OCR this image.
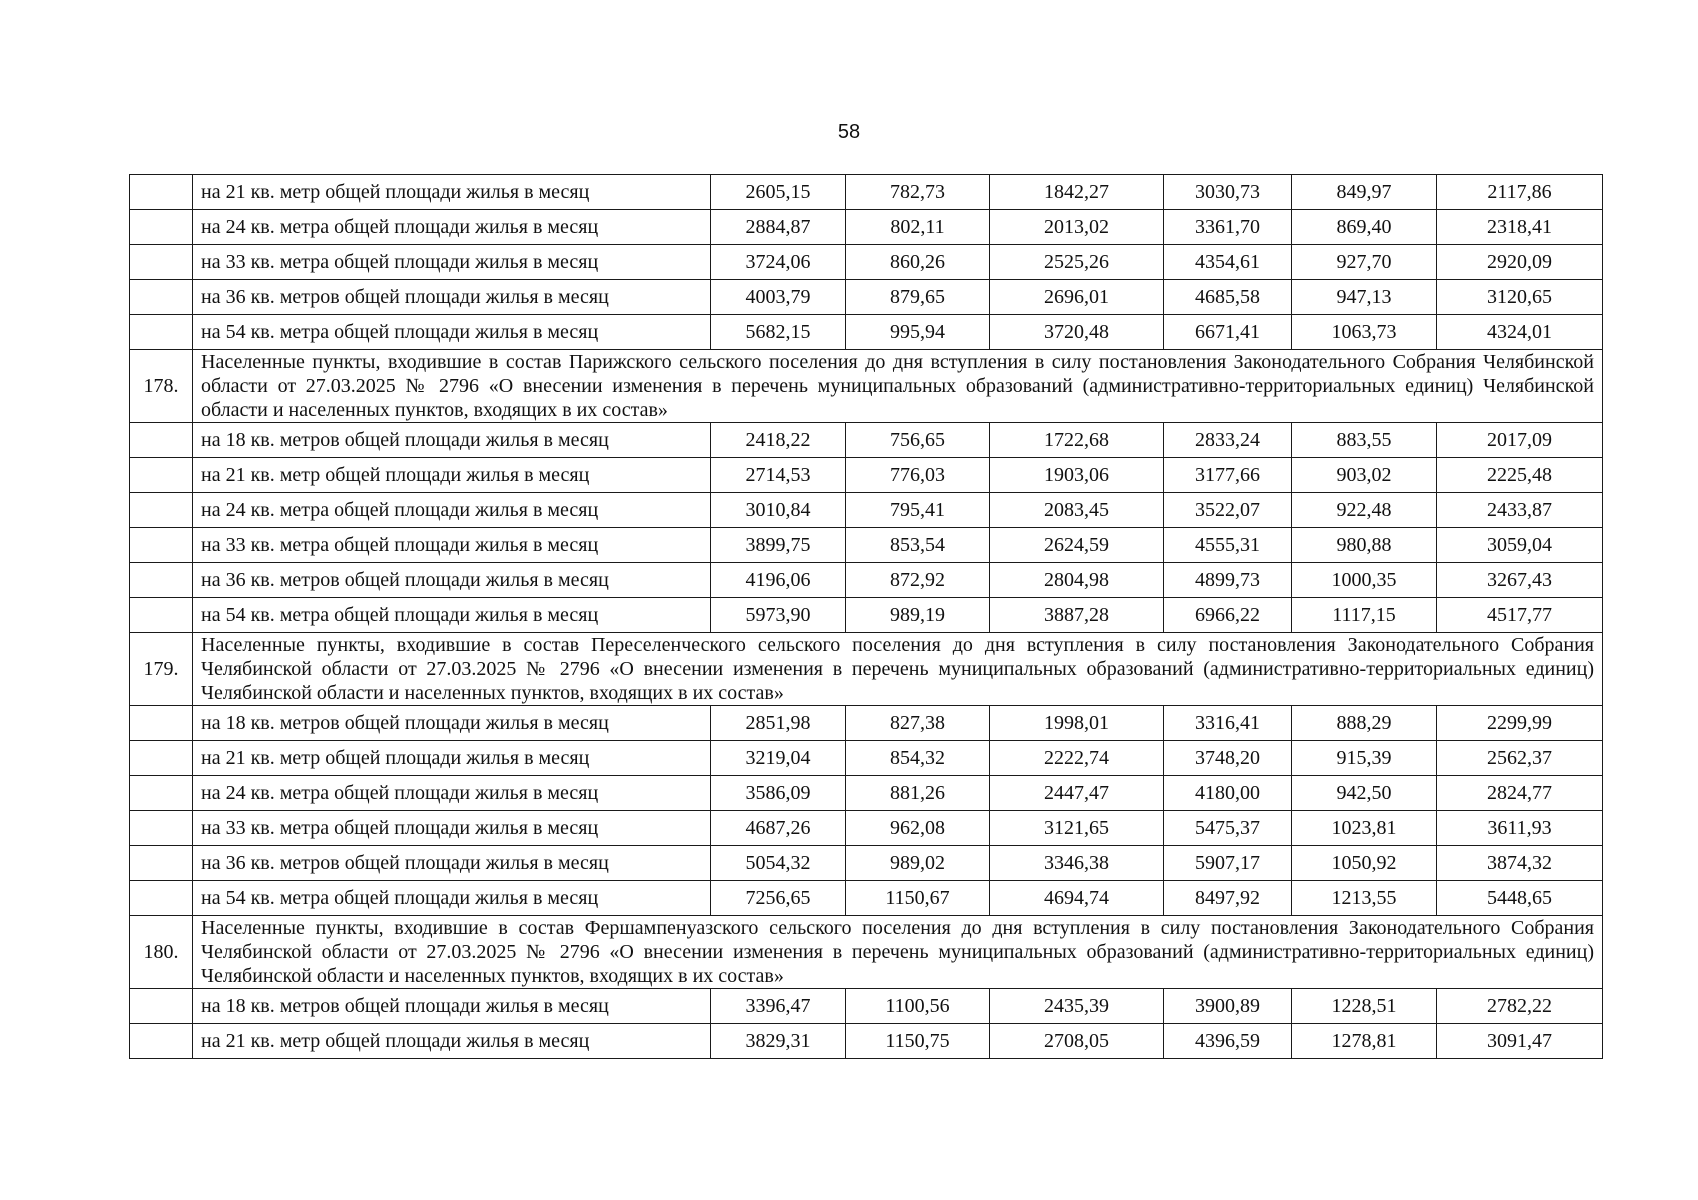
58
	на 21 кв. метр общей площади жилья в месяц	2605,15	782,73	1842,27	3030,73	849,97	2117,86
	на 24 кв. метра общей площади жилья в месяц	2884,87	802,11	2013,02	3361,70	869,40	2318,41
	на 33 кв. метра общей площади жилья в месяц	3724,06	860,26	2525,26	4354,61	927,70	2920,09
	на 36 кв. метров общей площади жилья в месяц	4003,79	879,65	2696,01	4685,58	947,13	3120,65
	на 54 кв. метра общей площади жилья в месяц	5682,15	995,94	3720,48	6671,41	1063,73	4324,01
178.	Населенные пункты, входившие в состав Парижского сельского поселения до дня вступления в силу постановления Законодательного Собрания Челябинской области от 27.03.2025 № 2796 «О внесении изменения в перечень муниципальных образований (административно-территориальных единиц) Челябинской области и населенных пунктов, входящих в их состав»						
	на 18 кв. метров общей площади жилья в месяц	2418,22	756,65	1722,68	2833,24	883,55	2017,09
	на 21 кв. метр общей площади жилья в месяц	2714,53	776,03	1903,06	3177,66	903,02	2225,48
	на 24 кв. метра общей площади жилья в месяц	3010,84	795,41	2083,45	3522,07	922,48	2433,87
	на 33 кв. метра общей площади жилья в месяц	3899,75	853,54	2624,59	4555,31	980,88	3059,04
	на 36 кв. метров общей площади жилья в месяц	4196,06	872,92	2804,98	4899,73	1000,35	3267,43
	на 54 кв. метра общей площади жилья в месяц	5973,90	989,19	3887,28	6966,22	1117,15	4517,77
179.	Населенные пункты, входившие в состав Переселенческого сельского поселения до дня вступления в силу постановления Законодательного Собрания Челябинской области от 27.03.2025 № 2796 «О внесении изменения в перечень муниципальных образований (административно-территориальных единиц) Челябинской области и населенных пунктов, входящих в их состав»						
	на 18 кв. метров общей площади жилья в месяц	2851,98	827,38	1998,01	3316,41	888,29	2299,99
	на 21 кв. метр общей площади жилья в месяц	3219,04	854,32	2222,74	3748,20	915,39	2562,37
	на 24 кв. метра общей площади жилья в месяц	3586,09	881,26	2447,47	4180,00	942,50	2824,77
	на 33 кв. метра общей площади жилья в месяц	4687,26	962,08	3121,65	5475,37	1023,81	3611,93
	на 36 кв. метров общей площади жилья в месяц	5054,32	989,02	3346,38	5907,17	1050,92	3874,32
	на 54 кв. метра общей площади жилья в месяц	7256,65	1150,67	4694,74	8497,92	1213,55	5448,65
180.	Населенные пункты, входившие в состав Фершампенуазского сельского поселения до дня вступления в силу постановления Законодательного Собрания Челябинской области от 27.03.2025 № 2796 «О внесении изменения в перечень муниципальных образований (административно-территориальных единиц) Челябинской области и населенных пунктов, входящих в их состав»						
	на 18 кв. метров общей площади жилья в месяц	3396,47	1100,56	2435,39	3900,89	1228,51	2782,22
	на 21 кв. метр общей площади жилья в месяц	3829,31	1150,75	2708,05	4396,59	1278,81	3091,47
